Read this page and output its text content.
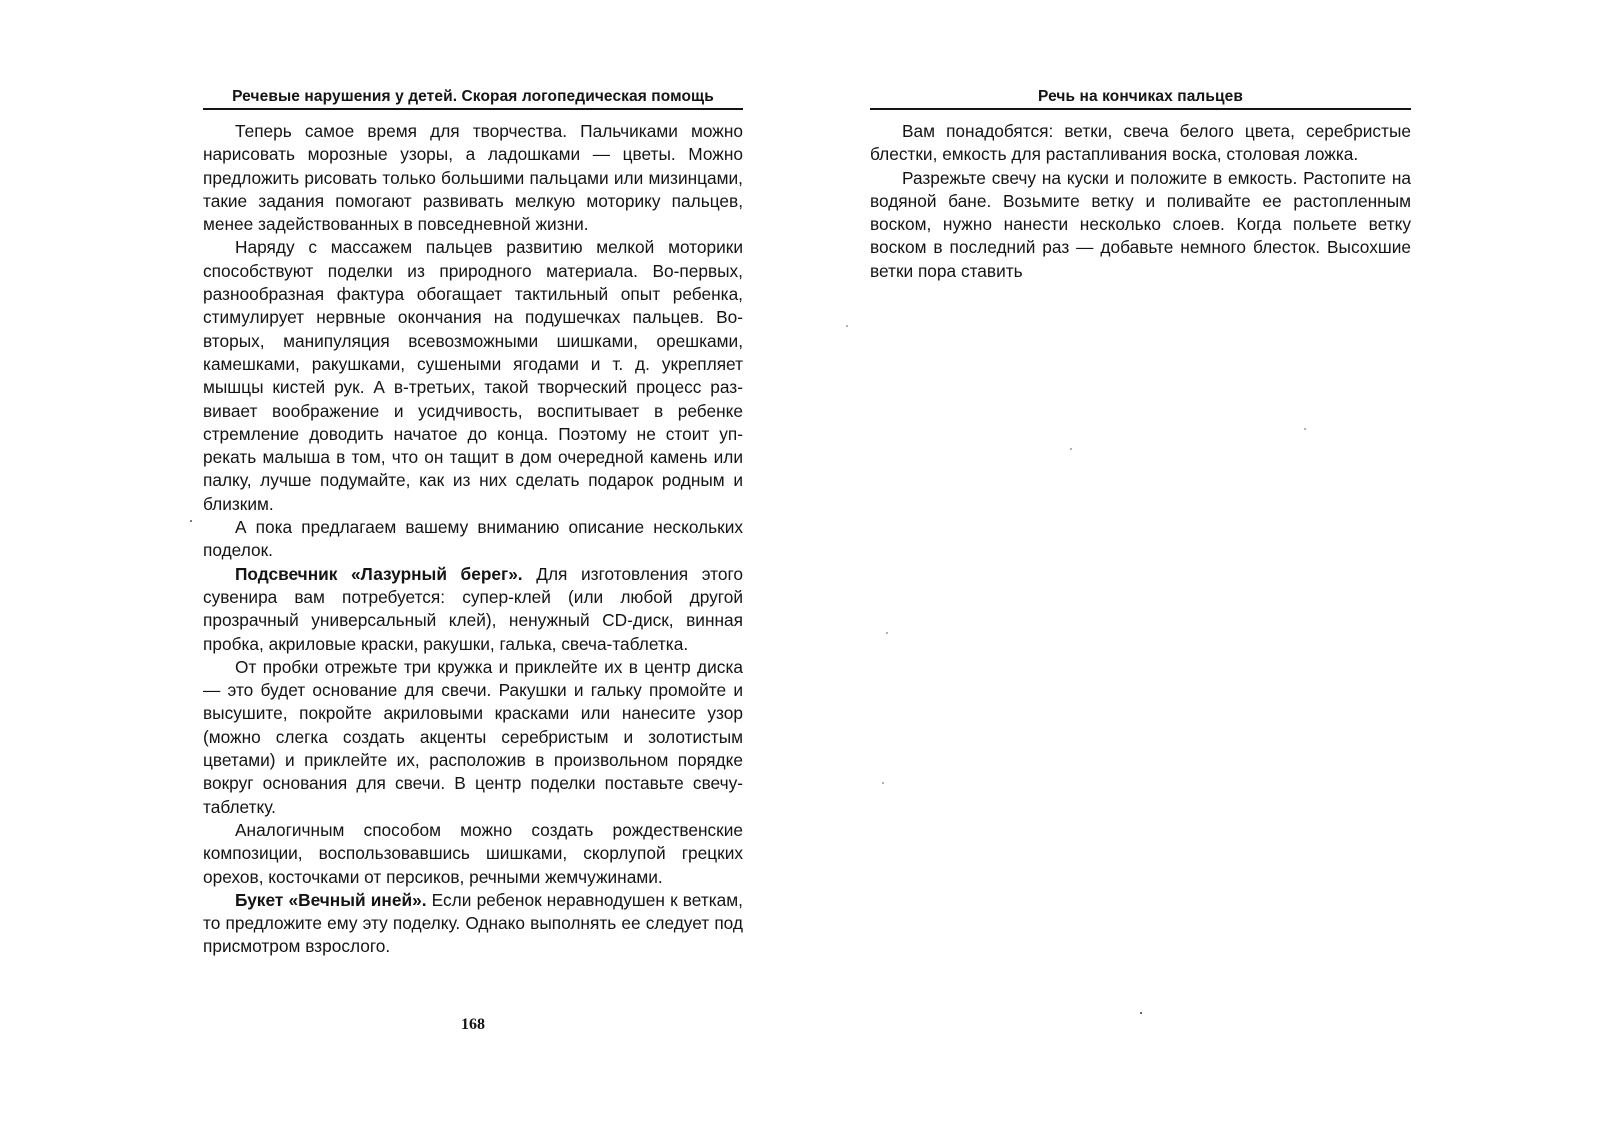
Речевые нарушения у детей. Скорая логопедическая помощь

Теперь самое время для творчества. Пальчиками можно нарисовать морозные узоры, а ладошками — цветы. Можно предложить рисовать только большими пальцами или мизинцами, такие задания помогают развивать мелкую моторику пальцев, менее задействованных в повседневной жизни.

Наряду с массажем пальцев развитию мелкой моторики способствуют поделки из природного материала. Во-первых, разнообразная фактура обогащает тактильный опыт ребенка, стимулирует нервные окончания на подушечках пальцев. Вовторых, манипуляция всевозможными шишками, орешками, камешками, ракушками, сушеными ягодами и т. д. укрепляет мышцы кистей рук. А в-третьих, такой творческий процесс развивает воображение и усидчивость, воспитывает в ребенке стремление доводить начатое до конца. Поэтому не стоит упрекать малыша в том, что он тащит в дом очередной камень или палку, лучше подумайте, как из них сделать подарок родным и близким.

А пока предлагаем вашему вниманию описание нескольких поделок.

Подсвечник «Лазурный берег». Для изготовления этого сувенира вам потребуется: супер-клей (или любой другой прозрачный универсальный клей), ненужный CD-диск, винная пробка, акриловые краски, ракушки, галька, свеча-таблетка.

От пробки отрежьте три кружка и приклейте их в центр диска — это будет основание для свечи. Ракушки и гальку промойте и высушите, покройте акриловыми красками или нанесите узор (можно слегка создать акценты серебристым и золотистым цветами) и приклейте их, расположив в произвольном порядке вокруг основания для свечи. В центр поделки поставьте свечу-таблетку.

Аналогичным способом можно создать рождественские композиции, воспользовавшись шишками, скорлупой грецких орехов, косточками от персиков, речными жемчужинами.

Букет «Вечный иней». Если ребенок неравнодушен к веткам, то предложите ему эту поделку. Однако выполнять ее следует под присмотром взрослого.

168
Речь на кончиках пальцев

Вам понадобятся: ветки, свеча белого цвета, серебристые блестки, емкость для растапливания воска, столовая ложка.

Разрежьте свечу на куски и положите в емкость. Растопите на водяной бане. Возьмите ветку и поливайте ее растопленным воском, нужно нанести несколько слоев. Когда польете ветку воском в последний раз — добавьте немного блесток. Высохшие ветки пора ставить
